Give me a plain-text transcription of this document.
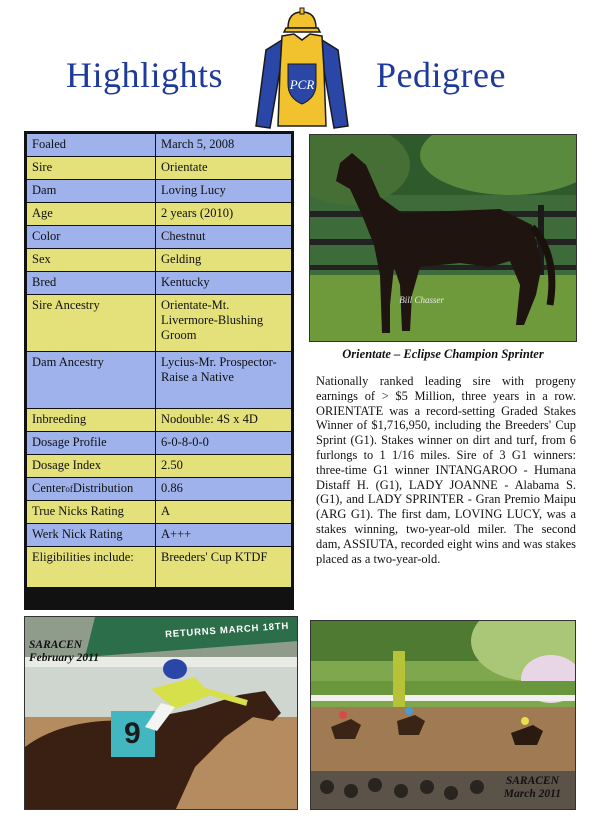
Highlights	Pedigree
PCR
Foaled	March 5, 2008
Sire	Orientate
Dam	Loving Lucy
Age	2 years (2010)
Color	Chestnut
Sex	Gelding
Bred	Kentucky
Sire Ancestry	Orientate-Mt. Livermore-Blushing Groom
Dam Ancestry	Lycius-Mr. Prospector-Raise a Native
Inbreeding	Nodouble: 4S x 4D
Dosage Profile	6-0-8-0-0
Dosage Index	2.50
CenterofDistribution	0.86
True Nicks Rating	A
Werk Nick Rating	A+++
Eligibilities include:	Breeders' Cup KTDF
Bill Chasser
Orientate – Eclipse Champion Sprinter

Nationally ranked leading sire with progeny earnings of > $5 Million, three years in a row. ORIENTATE was a record-setting Graded Stakes Winner of $1,716,950, including the Breeders' Cup Sprint (G1). Stakes winner on dirt and turf, from 6 furlongs to 1 1/16 miles. Sire of 3 G1 winners: three-time G1 winner INTANGAROO - Humana Distaff H. (G1), LADY JOANNE - Alabama S. (G1), and LADY SPRINTER - Gran Premio Maipu (ARG G1). The first dam, LOVING LUCY, was a stakes winning, two-year-old miler. The second dam, ASSIUTA, recorded eight wins and was stakes placed as a two-year-old.

RETURNS MARCH 18TH
9
SARACEN
February 2011
SARACEN
March 2011
